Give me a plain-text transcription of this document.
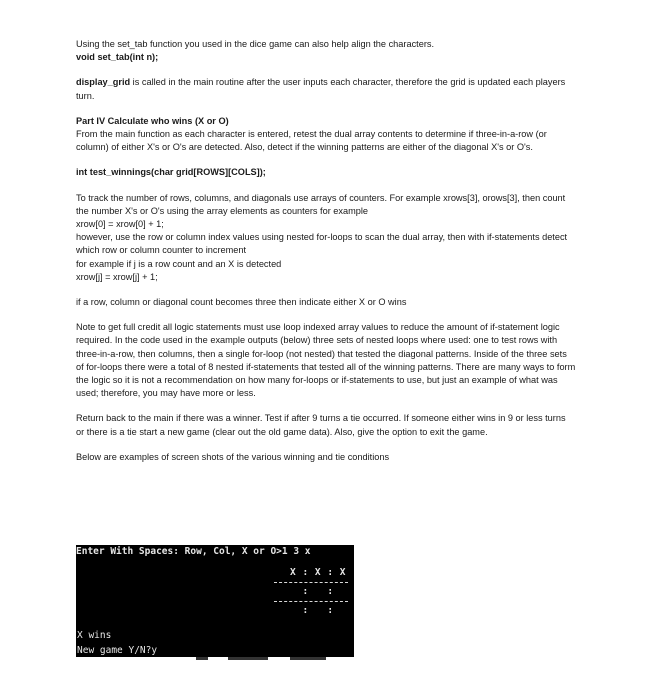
Using the set_tab function you used in the dice game can also help align the characters.

void set_tab(int n);

display_grid is called in the main routine after the user inputs each character, therefore the grid is updated each players turn.

Part IV Calculate who wins (X or O)

From the main function as each character is entered, retest the dual array contents to determine if three-in-a-row (or column) of either X's or O's are detected. Also, detect if the winning patterns are either of the diagonal X's or O's.

int test_winnings(char grid[ROWS][COLS]);

To track the number of rows, columns, and diagonals use arrays of counters. For example xrows[3], orows[3], then count the number X's or O's using the array elements as counters for example

xrow[0] = xrow[0] + 1;

however, use the row or column index values using nested for-loops to scan the dual array, then with if-statements detect which row or column counter to increment

for example if j is a row count and an X is detected

xrow[j] = xrow[j] + 1;

if a row, column or diagonal count becomes three then indicate either X or O wins

Note to get full credit all logic statements must use loop indexed array values to reduce the amount of if-statement logic required. In the code used in the example outputs (below) three sets of nested loops where used: one to test rows with three-in-a-row, then columns, then a single for-loop (not nested) that tested the diagonal patterns. Inside of the three sets of for-loops there were a total of 8 nested if-statements that tested all of the winning patterns. There are many ways to form the logic so it is not a recommendation on how many for-loops or if-statements to use, but just an example of what was used; therefore, you may have more or less.

Return back to the main if there was a winner. Test if after 9 turns a tie occurred. If someone either wins in 9 or less turns or there is a tie start a new game (clear out the old game data). Also, give the option to exit the game.

Below are examples of screen shots of the various winning and tie conditions

Enter With Spaces: Row, Col, X or O>1 3 x
X : X : X
:   :
:   :
X wins
New game Y/N?y
